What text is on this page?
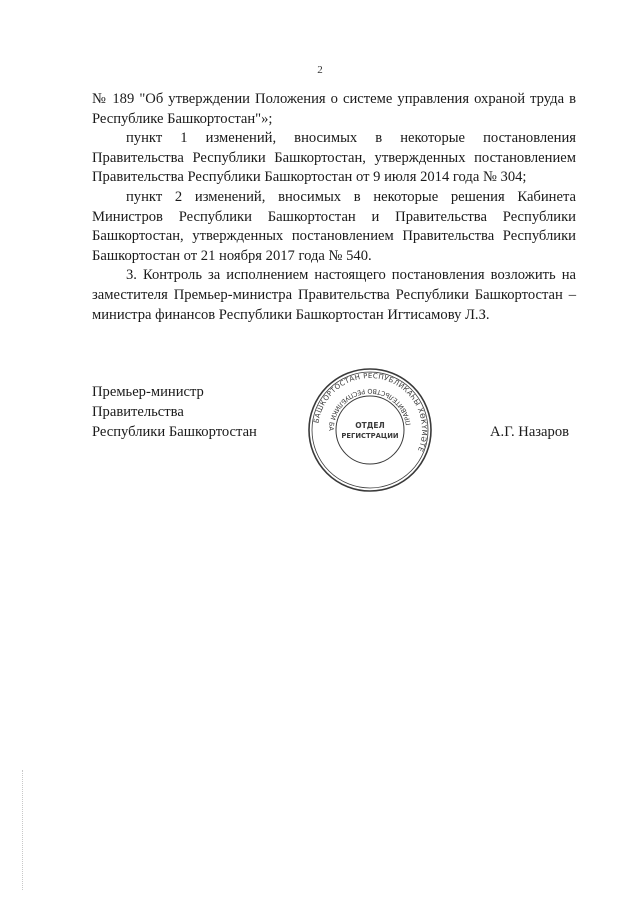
2

№ 189 "Об утверждении Положения о системе управления охраной труда в Республике Башкортостан"»;

пункт 1 изменений, вносимых в некоторые постановления Правительства Республики Башкортостан, утвержденных постановлением Правительства Республики Башкортостан от 9 июля 2014 года № 304;

пункт 2 изменений, вносимых в некоторые решения Кабинета Министров Республики Башкортостан и Правительства Республики Башкортостан, утвержденных постановлением Правительства Республики Башкортостан от 21 ноября 2017 года № 540.

3. Контроль за исполнением настоящего постановления возложить на заместителя Премьер-министра Правительства Республики Башкортостан – министра финансов Республики Башкортостан Игтисамову Л.З.

Премьер-министр
Правительства
Республики Башкортостан
БАШКОРТОСТАН РЕСПУБЛИКАҺЫ ХӨКҮМӘТЕ
ПРАВИТЕЛЬСТВО РЕСПУБЛИКИ БА	ОТДЕЛ
РЕГИСТРАЦИИ	А.Г. Назаров
